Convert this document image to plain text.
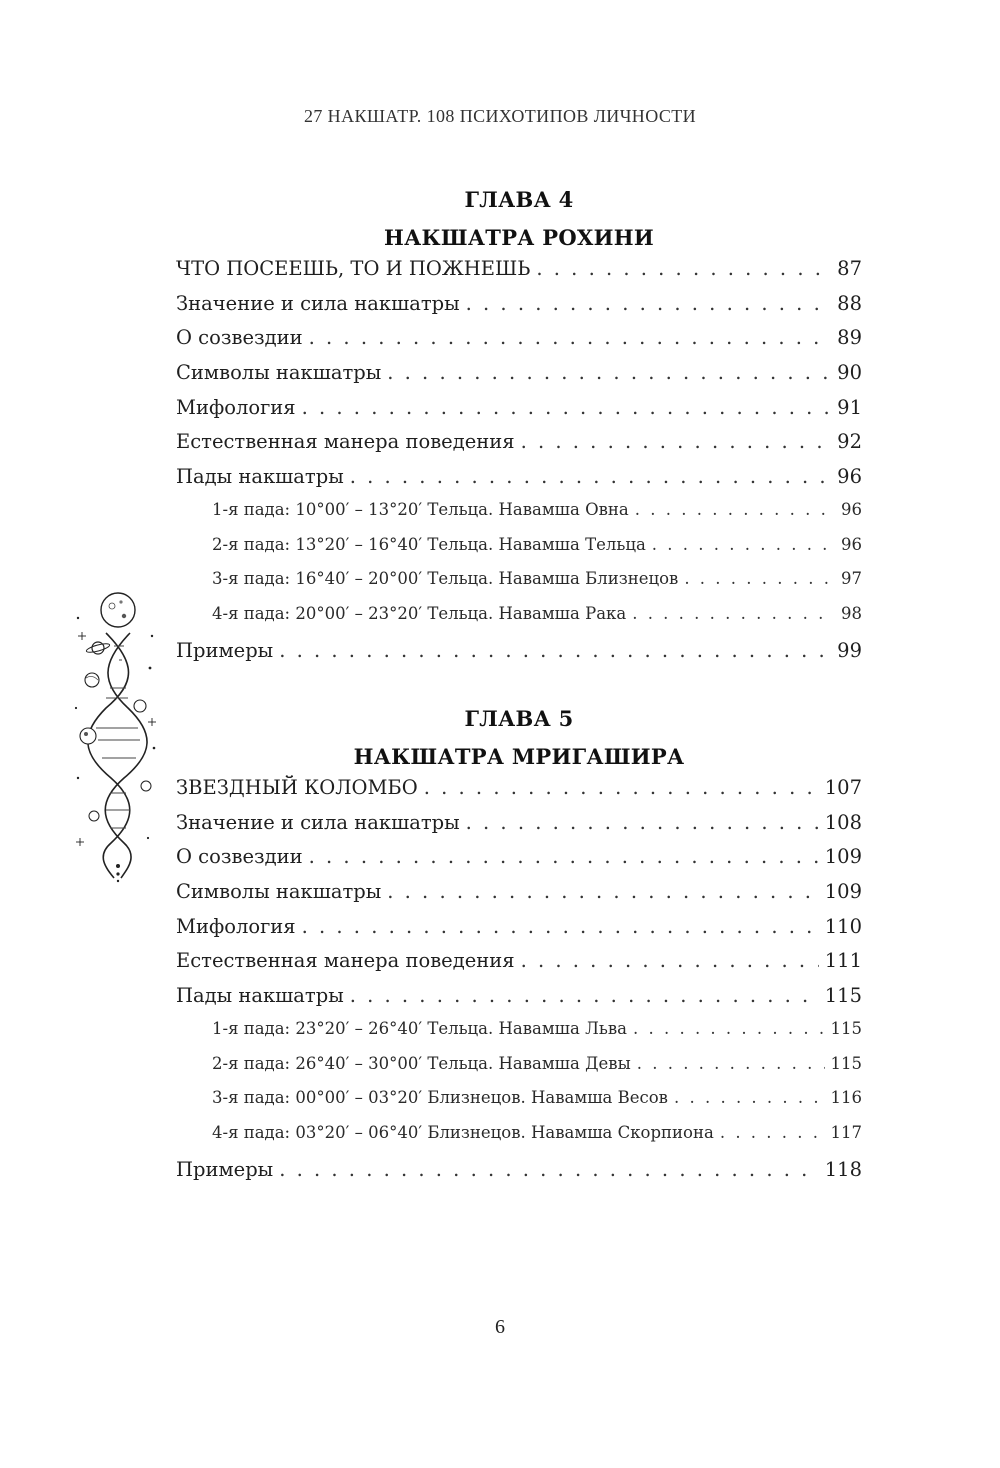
27 НАКШАТР. 108 ПСИХОТИПОВ ЛИЧНОСТИ
ГЛАВА 4
НАКШАТРА РОХИНИ
ЧТО ПОСЕЕШЬ, ТО И ПОЖНЕШЬ . . .	87
Значение и сила накшатры . . .	88
О созвездии . . .	89
Символы накшатры . . .	90
Мифология . . .	91
Естественная манера поведения . . .	92
Пады накшатры . . .	96
1-я пада: 10°00′ – 13°20′ Тельца. Навамша Овна . . .	96
2-я пада: 13°20′ – 16°40′ Тельца. Навамша Тельца . . .	96
3-я пада: 16°40′ – 20°00′ Тельца. Навамша Близнецов . . .	97
4-я пада: 20°00′ – 23°20′ Тельца. Навамша Рака . . .	98
Примеры . . .	99
ГЛАВА 5
НАКШАТРА МРИГАШИРА
ЗВЕЗДНЫЙ КОЛОМБО . . .	107
Значение и сила накшатры . . .	108
О созвездии . . .	109
Символы накшатры . . .	109
Мифология . . .	110
Естественная манера поведения . . .	111
Пады накшатры . . .	115
1-я пада: 23°20′ – 26°40′ Тельца. Навамша Льва . . .	115
2-я пада: 26°40′ – 30°00′ Тельца. Навамша Девы . . .	115
3-я пада: 00°00′ – 03°20′ Близнецов. Навамша Весов . . .	116
4-я пада: 03°20′ – 06°40′ Близнецов. Навамша Скорпиона . . .	117
Примеры . . .	118
6
